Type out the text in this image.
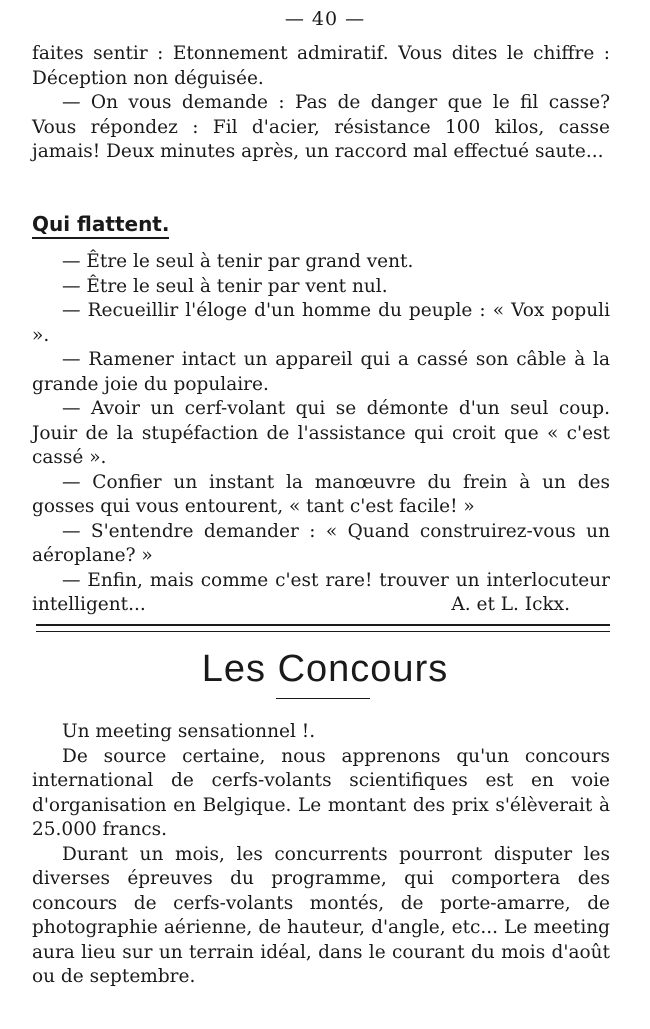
— 40 —

faites sentir : Etonnement admiratif. Vous dites le chiffre : Déception non déguisée.

— On vous demande : Pas de danger que le fil casse? Vous répondez : Fil d'acier, résistance 100 kilos, casse jamais! Deux minutes après, un raccord mal effectué saute...

Qui flattent.

— Être le seul à tenir par grand vent.

— Être le seul à tenir par vent nul.

— Recueillir l'éloge d'un homme du peuple : « Vox populi ».

— Ramener intact un appareil qui a cassé son câble à la grande joie du populaire.

— Avoir un cerf-volant qui se démonte d'un seul coup. Jouir de la stupéfaction de l'assistance qui croit que « c'est cassé ».

— Confier un instant la manœuvre du frein à un des gosses qui vous entourent, « tant c'est facile! »

— S'entendre demander : « Quand construirez-vous un aéroplane? »

— Enfin, mais comme c'est rare! trouver un interlocuteur intelligent...	A. et L. Ickx.

Les Concours

Un meeting sensationnel !.

De source certaine, nous apprenons qu'un concours international de cerfs-volants scientifiques est en voie d'organisation en Belgique. Le montant des prix s'élèverait à 25.000 francs.

Durant un mois, les concurrents pourront disputer les diverses épreuves du programme, qui comportera des concours de cerfs-volants montés, de porte-amarre, de photographie aérienne, de hauteur, d'angle, etc... Le meeting aura lieu sur un terrain idéal, dans le courant du mois d'août ou de septembre.
